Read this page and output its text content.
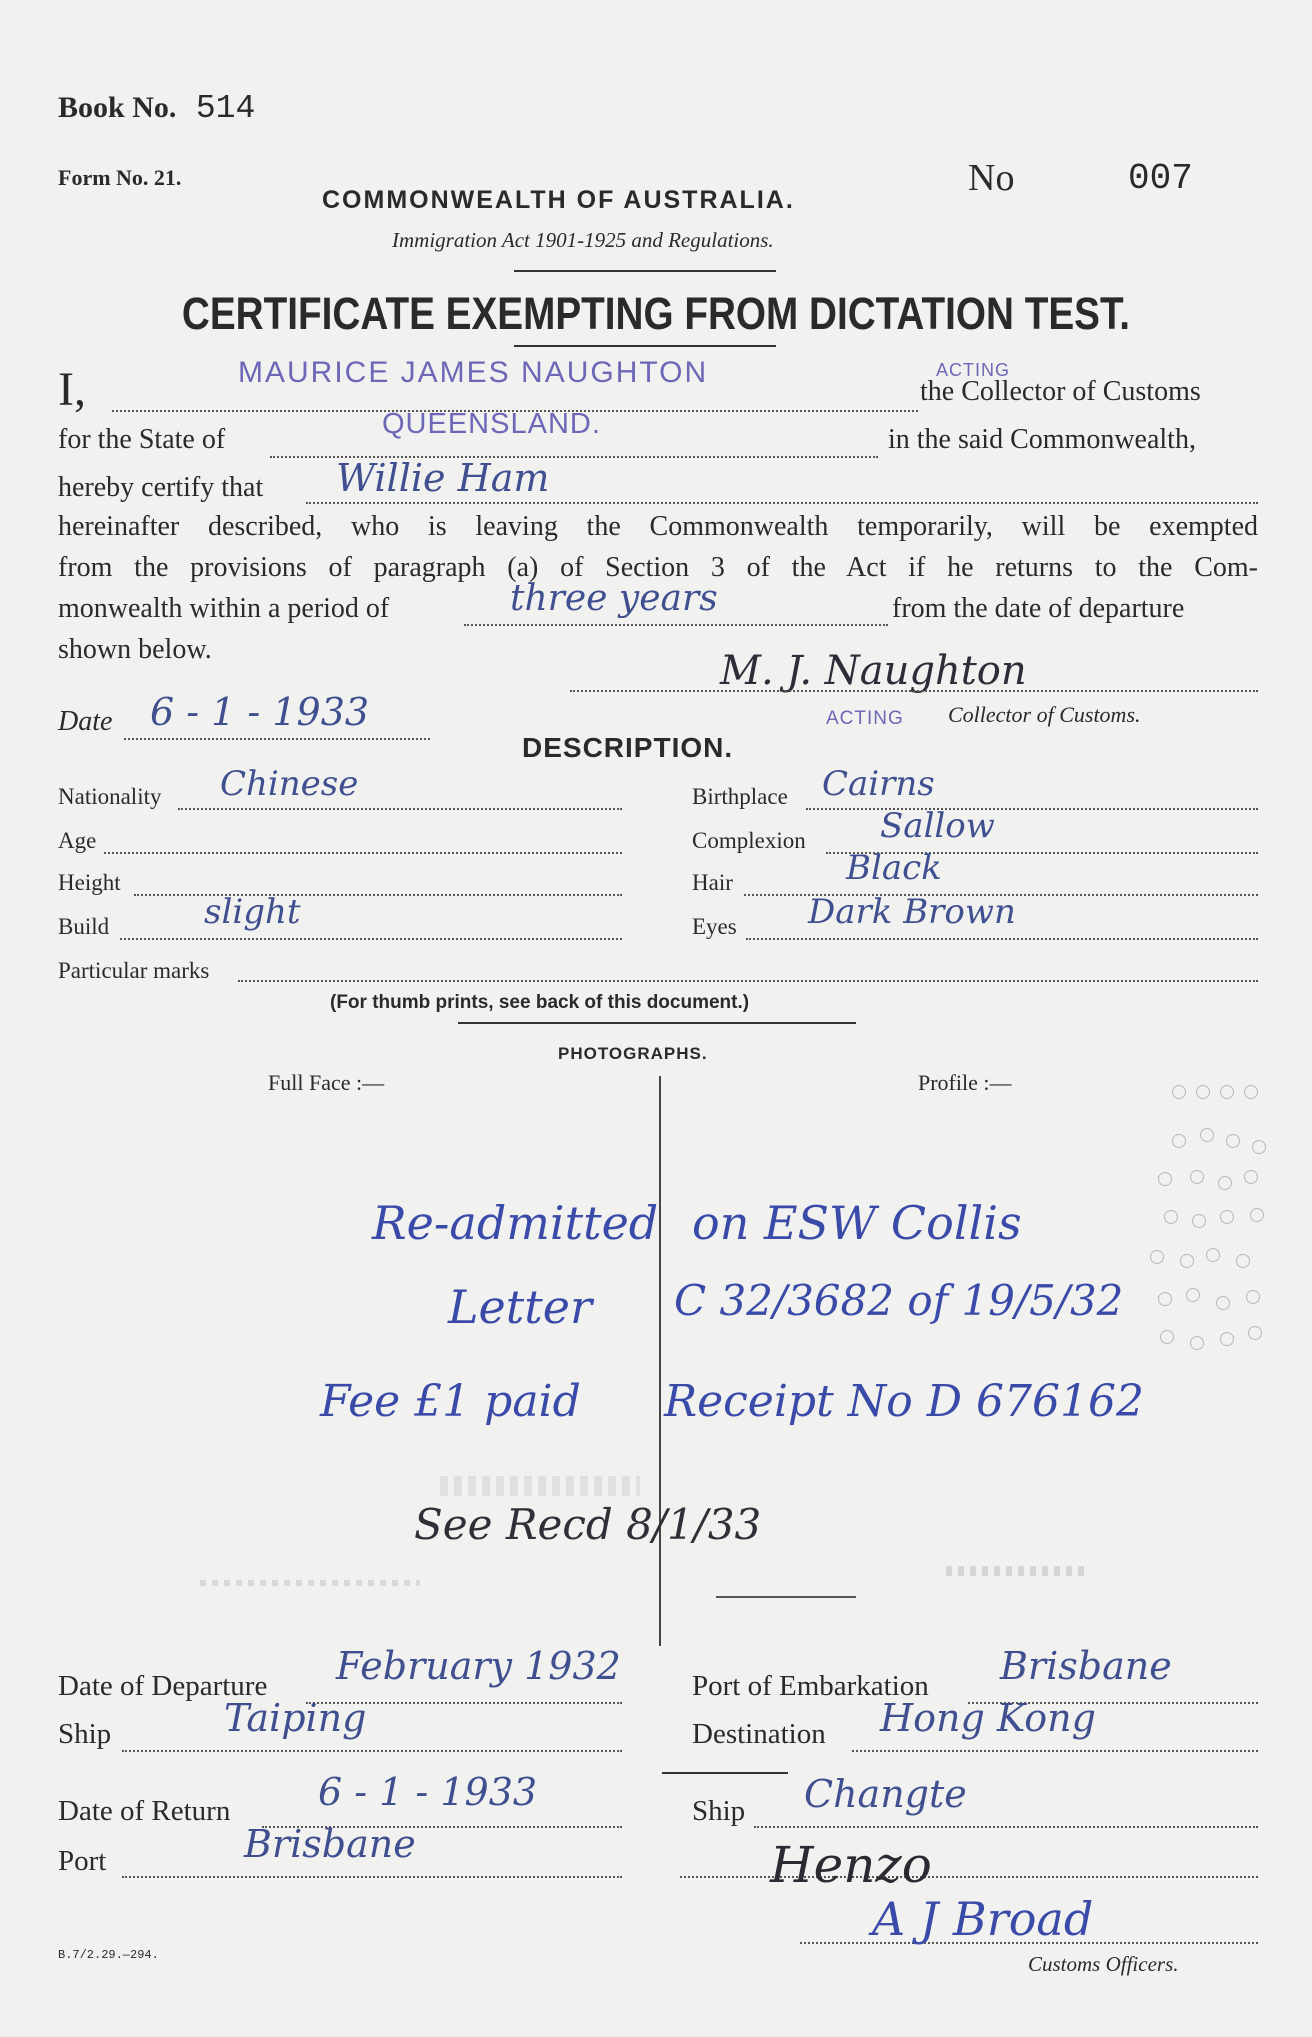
Book No. 514
Form No. 21.
COMMONWEALTH OF AUSTRALIA.
No	007
Immigration Act 1901-1925 and Regulations.
CERTIFICATE EXEMPTING FROM DICTATION TEST.
I,	MAURICE JAMES NAUGHTON	ACTING
the Collector of Customs
for the State of	QUEENSLAND.	in the said Commonwealth,
hereby certify that Willie Ham
hereinafter described, who is leaving the Commonwealth temporarily, will be exempted
from the provisions of paragraph (a) of Section 3 of the Act if he returns to the Com-
monwealth within a period of	three years	from the date of departure
shown below.	M. J. Naughton
ACTING Collector of Customs.
Date 6 - 1 - 1933
DESCRIPTION.
Nationality Chinese	Birthplace Cairns
Age	Complexion Sallow
Height	Hair	Black
Build	slight	Eyes Dark Brown
Particular marks
(For thumb prints, see back of this document.)
PHOTOGRAPHS.
Full Face :—	Profile :—
Re-admitted on ESW Collis
Letter C 32/3682 of 19/5/32
Fee £1 paid Receipt No D 676162
See Recd 8/1/33
Date of Departure February 1932 Port of Embarkation Brisbane
Ship	Taiping	Destination Hong Kong
Date of Return 6 - 1 - 1933	Ship Changte
Port	Brisbane	Henzo
A J Broad
Customs Officers.
B.7/2.29.—294.
